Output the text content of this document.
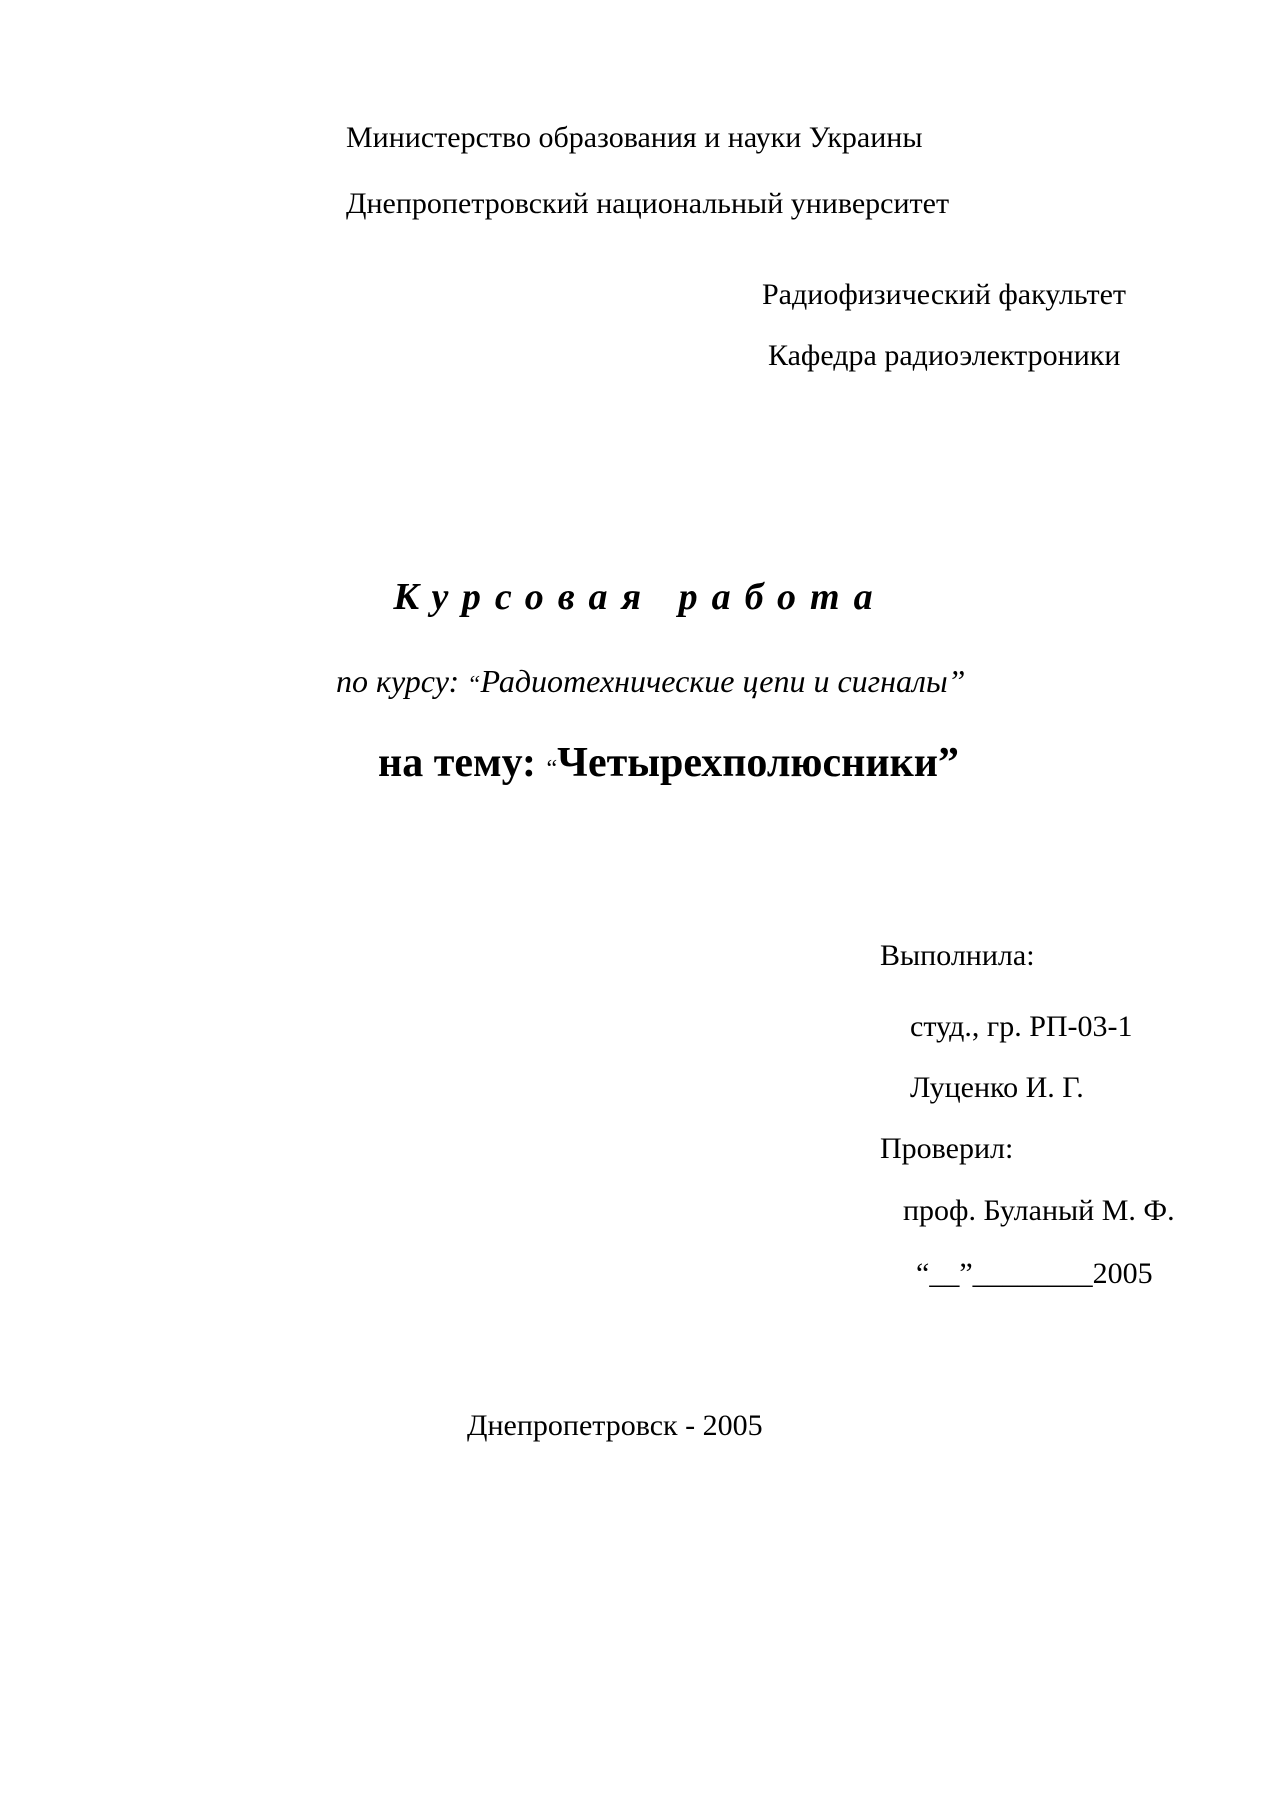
Министерство образования и науки Украины
Днепропетровский национальный университет
Радиофизический факультет
Кафедра радиоэлектроники
Курсовая работа
по курсу: “Радиотехнические цепи и сигналы”
на тему: “Четырехполюсники”
Выполнила:
студ., гр. РП-03-1
Луценко И. Г.
Проверил:
проф. Буланый М. Ф.
“__”________2005
Днепропетровск - 2005
